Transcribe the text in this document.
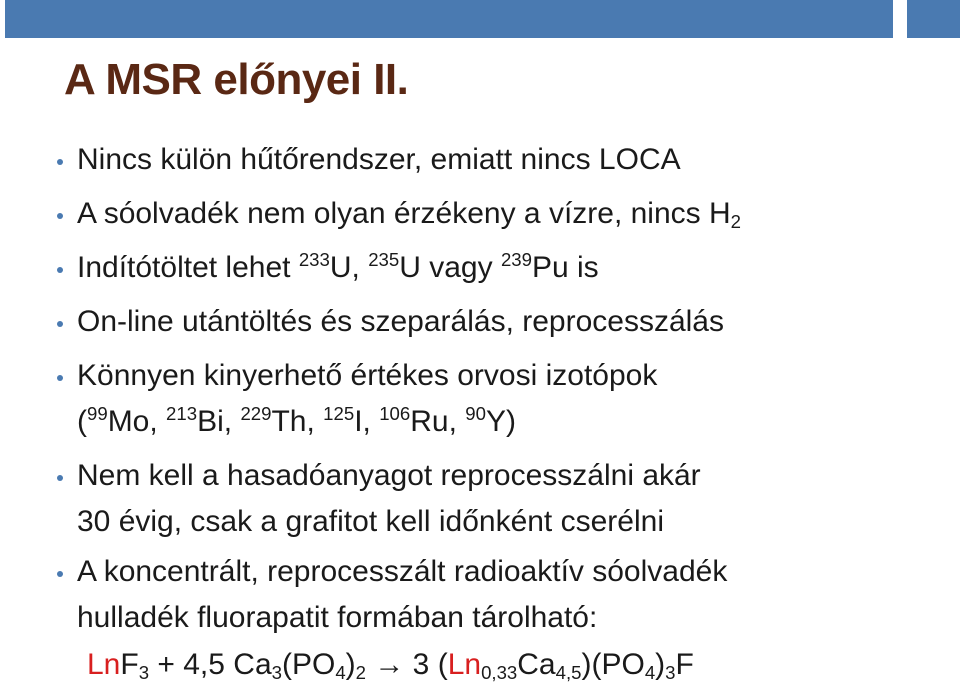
A MSR előnyei II.
Nincs külön hűtőrendszer, emiatt nincs LOCA
A sóolvadék nem olyan érzékeny a vízre, nincs $H_2$
Indítótöltet lehet $^{233}$U, $^{235}$U vagy $^{239}$Pu is
On-line utántöltés és szeparálás, reprocesszálás
Könnyen kinyerhető értékes orvosi izotópok
($^{99}$Mo, $^{213}$Bi, $^{229}$Th, $^{125}$I, $^{106}$Ru, $^{90}$Y)
Nem kell a hasadóanyagot reprocesszálni akár
30 évig, csak a grafitot kell időnként cserélni
A koncentrált, reprocesszált radioaktív sóolvadék
hulladék fluorapatit formában tárolható:
LnF$_3$ + 4,5 $Ca_3(PO_4)_2 \to 3$ $(Ln_{0,33}Ca_{4,5})(PO_4)_3F$
